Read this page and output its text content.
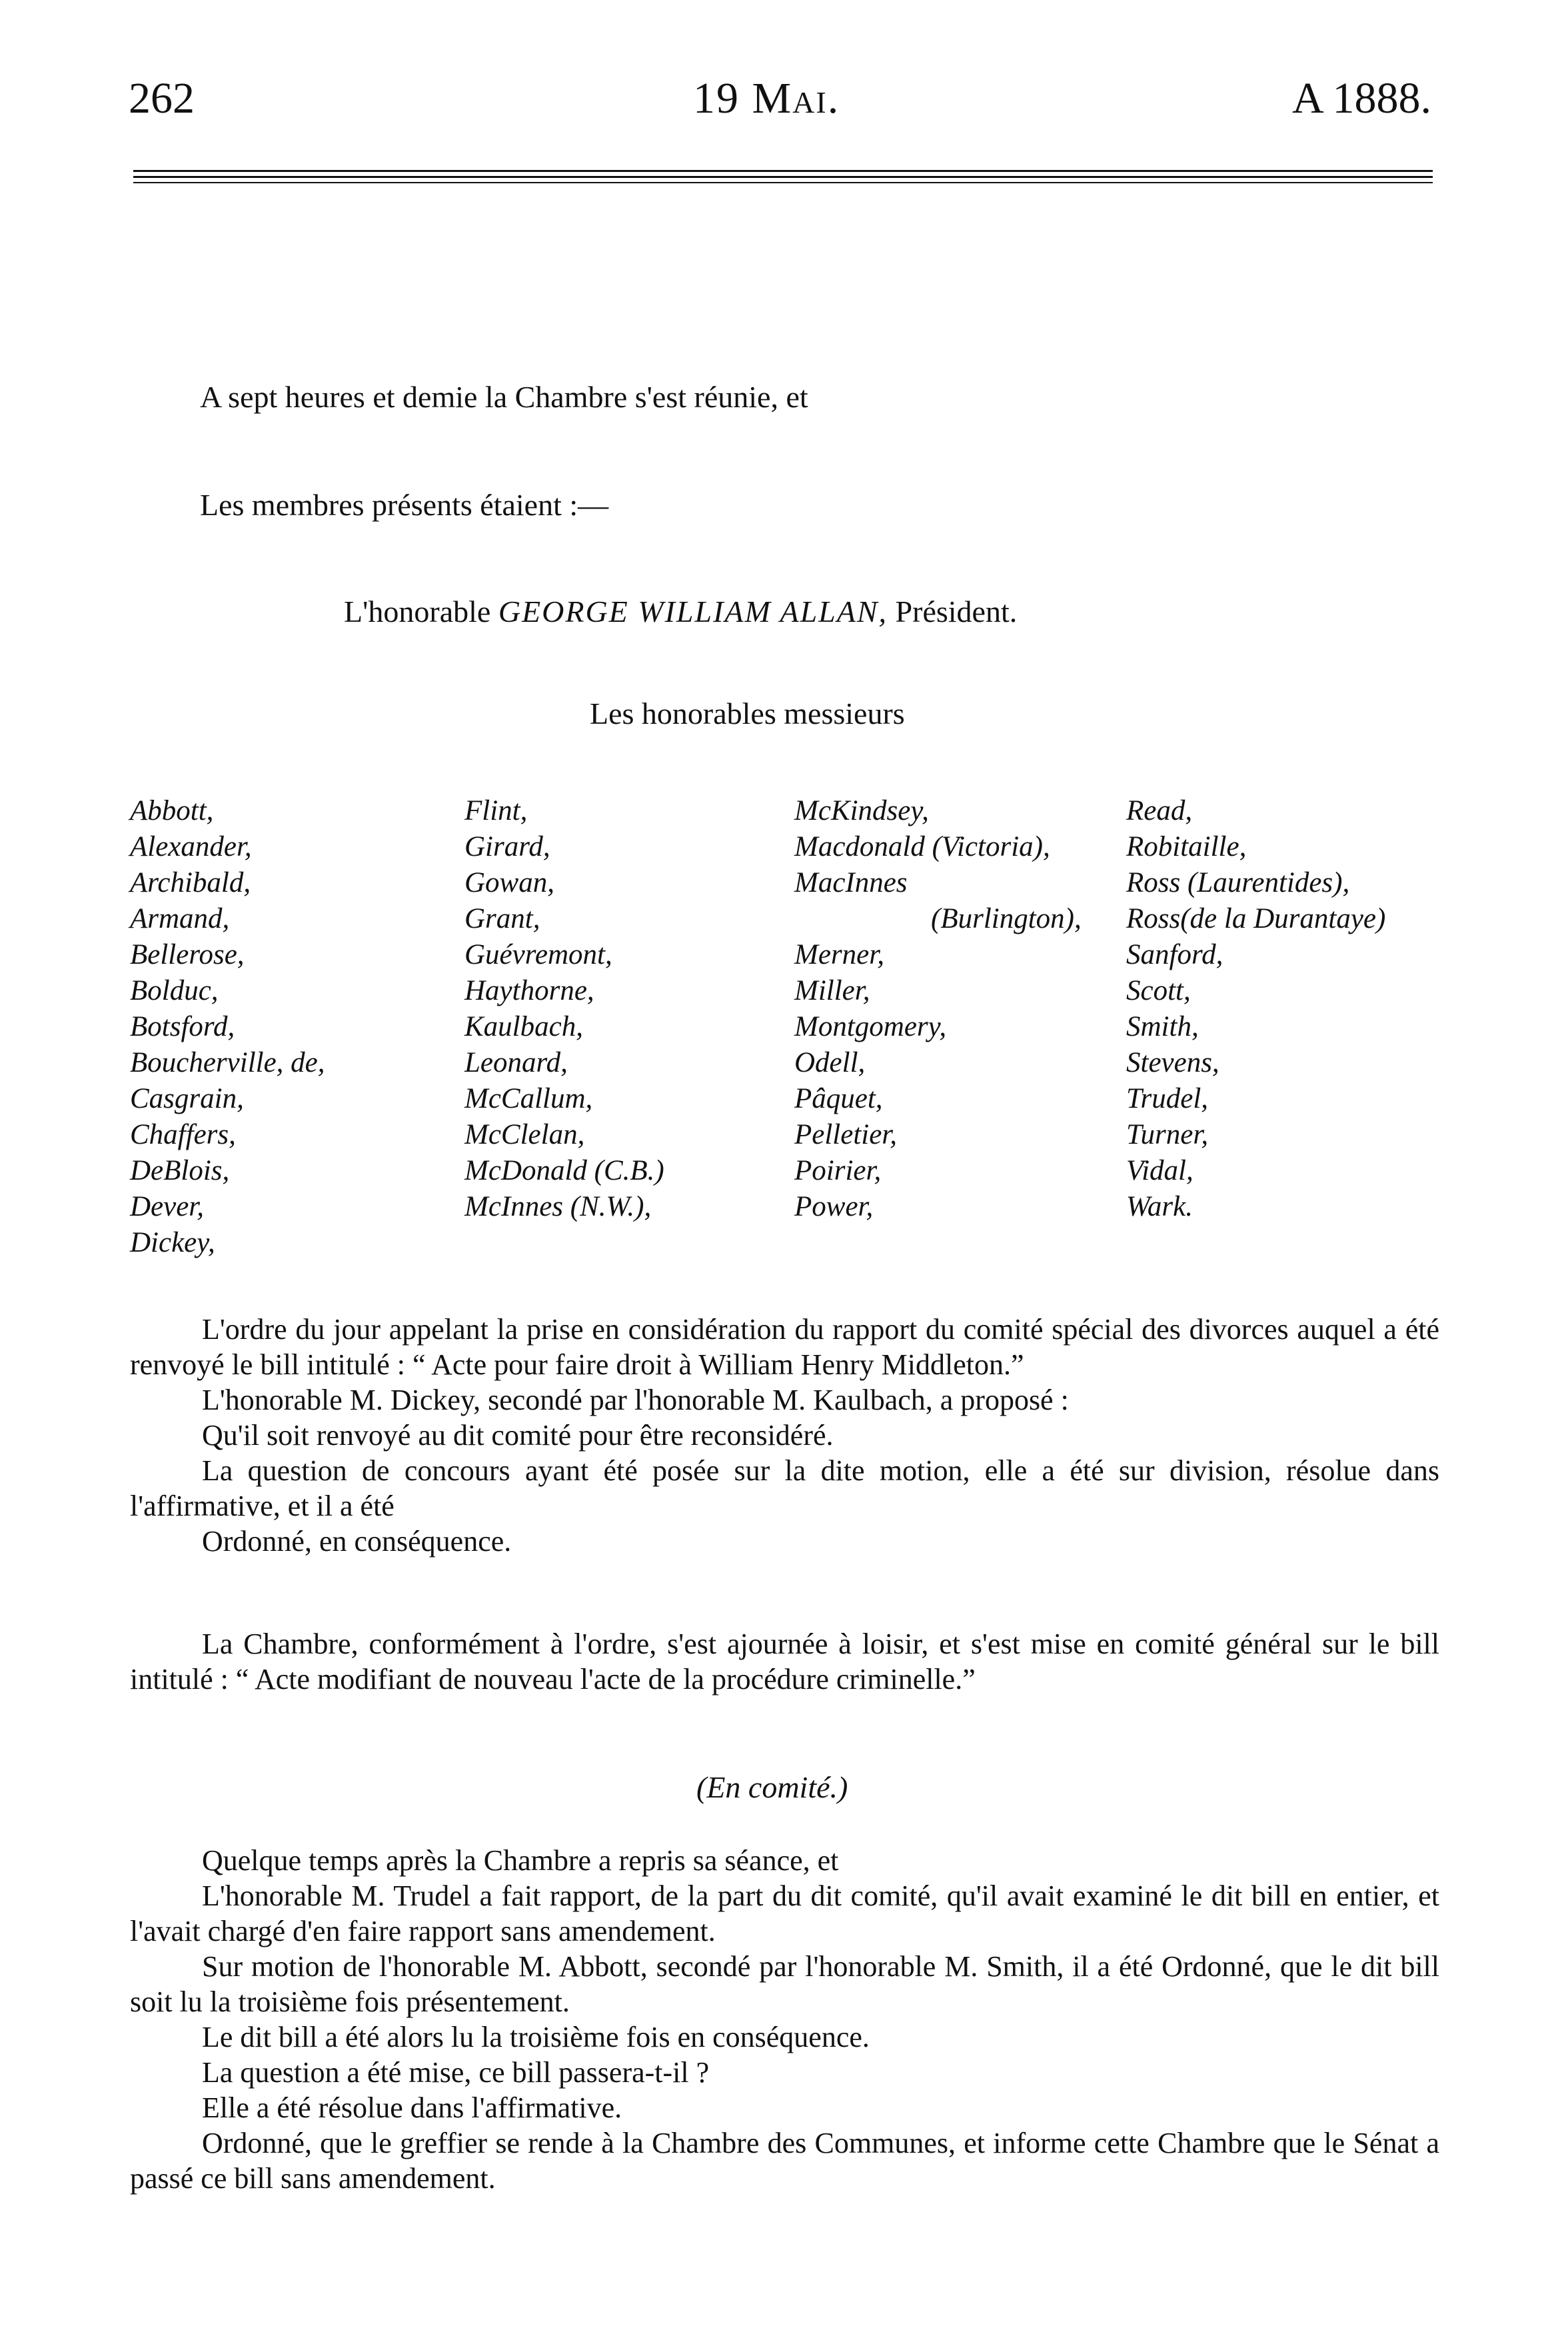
262	19 Mai.	A 1888.
A sept heures et demie la Chambre s'est réunie, et
Les membres présents étaient :—
L'honorable GEORGE WILLIAM ALLAN, Président.
Les honorables messieurs
Abbott,
Alexander,
Archibald,
Armand,
Bellerose,
Bolduc,
Botsford,
Boucherville, de,
Casgrain,
Chaffers,
DeBlois,
Dever,
Dickey,
Flint,
Girard,
Gowan,
Grant,
Guévremont,
Haythorne,
Kaulbach,
Leonard,
McCallum,
McClelan,
McDonald (C.B.)
McInnes (N.W.),
McKindsey,
Macdonald (Victoria),
MacInnes
(Burlington),
Merner,
Miller,
Montgomery,
Odell,
Pâquet,
Pelletier,
Poirier,
Power,
Read,
Robitaille,
Ross (Laurentides),
Ross(de la Durantaye)
Sanford,
Scott,
Smith,
Stevens,
Trudel,
Turner,
Vidal,
Wark.

L'ordre du jour appelant la prise en considération du rapport du comité spécial des divorces auquel a été renvoyé le bill intitulé : “ Acte pour faire droit à William Henry Middleton.”

L'honorable M. Dickey, secondé par l'honorable M. Kaulbach, a proposé :

Qu'il soit renvoyé au dit comité pour être reconsidéré.

La question de concours ayant été posée sur la dite motion, elle a été sur division, résolue dans l'affirmative, et il a été

Ordonné, en conséquence.

La Chambre, conformément à l'ordre, s'est ajournée à loisir, et s'est mise en comité général sur le bill intitulé : “ Acte modifiant de nouveau l'acte de la procédure criminelle.”

(En comité.)

Quelque temps après la Chambre a repris sa séance, et

L'honorable M. Trudel a fait rapport, de la part du dit comité, qu'il avait examiné le dit bill en entier, et l'avait chargé d'en faire rapport sans amendement.

Sur motion de l'honorable M. Abbott, secondé par l'honorable M. Smith, il a été Ordonné, que le dit bill soit lu la troisième fois présentement.

Le dit bill a été alors lu la troisième fois en conséquence.

La question a été mise, ce bill passera-t-il ?

Elle a été résolue dans l'affirmative.

Ordonné, que le greffier se rende à la Chambre des Communes, et informe cette Chambre que le Sénat a passé ce bill sans amendement.
